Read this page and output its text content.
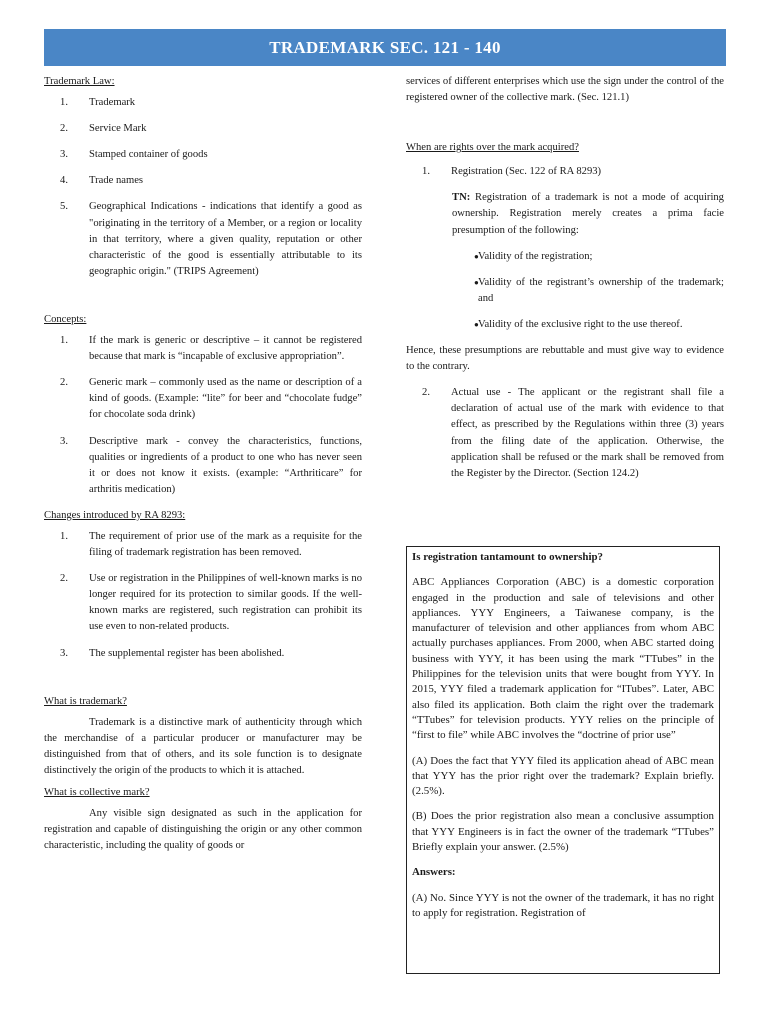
TRADEMARK SEC. 121 - 140
Trademark Law:
1.	Trademark
2.	Service Mark
3.	Stamped container of goods
4.	Trade names
5.	Geographical Indications - indications that identify a good as "originating in the territory of a Member, or a region or locality in that territory, where a given quality, reputation or other characteristic of the good is essentially attributable to its geographic origin." (TRIPS Agreement)
Concepts:
1.	If the mark is generic or descriptive – it cannot be registered because that mark is “incapable of exclusive appropriation”.
2.	Generic mark – commonly used as the name or description of a kind of goods. (Example: “lite” for beer and “chocolate fudge” for chocolate soda drink)
3.	Descriptive mark - convey the characteristics, functions, qualities or ingredients of a product to one who has never seen it or does not know it exists. (example: “Arthriticare” for arthritis medication)
Changes introduced by RA 8293:
1.	The requirement of prior use of the mark as a requisite for the filing of trademark registration has been removed.
2.	Use or registration in the Philippines of well-known marks is no longer required for its protection to similar goods. If the well-known marks are registered, such registration can prohibit its use even to non-related products.
3.	The supplemental register has been abolished.
What is trademark?

Trademark is a distinctive mark of authenticity through which the merchandise of a particular producer or manufacturer may be distinguished from that of others, and its sole function is to designate distinctively the origin of the products to which it is attached.

What is collective mark?

Any visible sign designated as such in the application for registration and capable of distinguishing the origin or any other common characteristic, including the quality of goods or

services of different enterprises which use the sign under the control of the registered owner of the collective mark. (Sec. 121.1)

When are rights over the mark acquired?
1.	Registration (Sec. 122 of RA 8293)

TN: Registration of a trademark is not a mode of acquiring ownership. Registration merely creates a prima facie presumption of the following:

● Validity of the registration;
● Validity of the registrant’s ownership of the trademark; and
● Validity of the exclusive right to the use thereof.

Hence, these presumptions are rebuttable and must give way to evidence to the contrary.

2.	Actual use - The applicant or the registrant shall file a declaration of actual use of the mark with evidence to that effect, as prescribed by the Regulations within three (3) years from the filing date of the application. Otherwise, the application shall be refused or the mark shall be removed from the Register by the Director. (Section 124.2)

Is registration tantamount to ownership?

ABC Appliances Corporation (ABC) is a domestic corporation engaged in the production and sale of televisions and other appliances. YYY Engineers, a Taiwanese company, is the manufacturer of television and other appliances from whom ABC actually purchases appliances. From 2000, when ABC started doing business with YYY, it has been using the mark “TTubes” in the Philippines for the television units that were bought from YYY. In 2015, YYY filed a trademark application for “ITubes”. Later, ABC also filed its application. Both claim the right over the trademark “TTubes” for television products. YYY relies on the principle of “first to file” while ABC involves the “doctrine of prior use”

(A) Does the fact that YYY filed its application ahead of ABC mean that YYY has the prior right over the trademark? Explain briefly. (2.5%).

(B) Does the prior registration also mean a conclusive assumption that YYY Engineers is in fact the owner of the trademark “TTubes” Briefly explain your answer. (2.5%)

Answers:

(A) No. Since YYY is not the owner of the trademark, it has no right to apply for registration. Registration of
